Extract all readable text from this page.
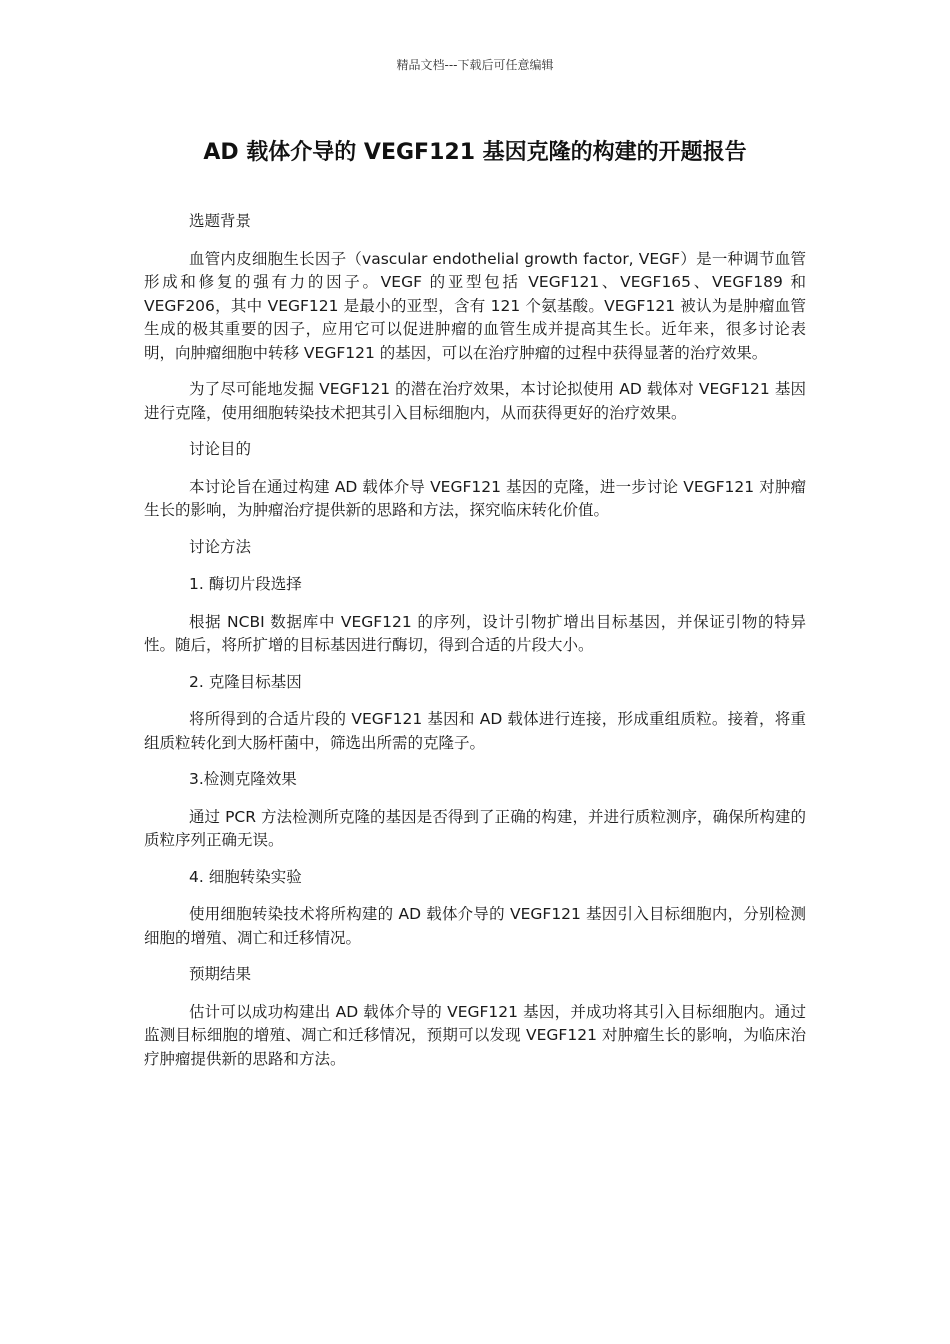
精品文档---下载后可任意编辑
AD 载体介导的 VEGF121 基因克隆的构建的开题报告

选题背景

血管内皮细胞生长因子（vascular endothelial growth factor, VEGF）是一种调节血管形成和修复的强有力的因子。VEGF 的亚型包括 VEGF121、VEGF165、VEGF189 和 VEGF206，其中 VEGF121 是最小的亚型，含有 121 个氨基酸。VEGF121 被认为是肿瘤血管生成的极其重要的因子，应用它可以促进肿瘤的血管生成并提高其生长。近年来，很多讨论表明，向肿瘤细胞中转移 VEGF121 的基因，可以在治疗肿瘤的过程中获得显著的治疗效果。

为了尽可能地发掘 VEGF121 的潜在治疗效果，本讨论拟使用 AD 载体对 VEGF121 基因进行克隆，使用细胞转染技术把其引入目标细胞内，从而获得更好的治疗效果。

讨论目的

本讨论旨在通过构建 AD 载体介导 VEGF121 基因的克隆，进一步讨论 VEGF121 对肿瘤生长的影响，为肿瘤治疗提供新的思路和方法，探究临床转化价值。

讨论方法

1. 酶切片段选择

根据 NCBI 数据库中 VEGF121 的序列，设计引物扩增出目标基因，并保证引物的特异性。随后，将所扩增的目标基因进行酶切，得到合适的片段大小。

2. 克隆目标基因

将所得到的合适片段的 VEGF121 基因和 AD 载体进行连接，形成重组质粒。接着，将重组质粒转化到大肠杆菌中，筛选出所需的克隆子。

3.检测克隆效果

通过 PCR 方法检测所克隆的基因是否得到了正确的构建，并进行质粒测序，确保所构建的质粒序列正确无误。

4. 细胞转染实验

使用细胞转染技术将所构建的 AD 载体介导的 VEGF121 基因引入目标细胞内，分别检测细胞的增殖、凋亡和迁移情况。

预期结果

估计可以成功构建出 AD 载体介导的 VEGF121 基因，并成功将其引入目标细胞内。通过监测目标细胞的增殖、凋亡和迁移情况，预期可以发现 VEGF121 对肿瘤生长的影响，为临床治疗肿瘤提供新的思路和方法。
